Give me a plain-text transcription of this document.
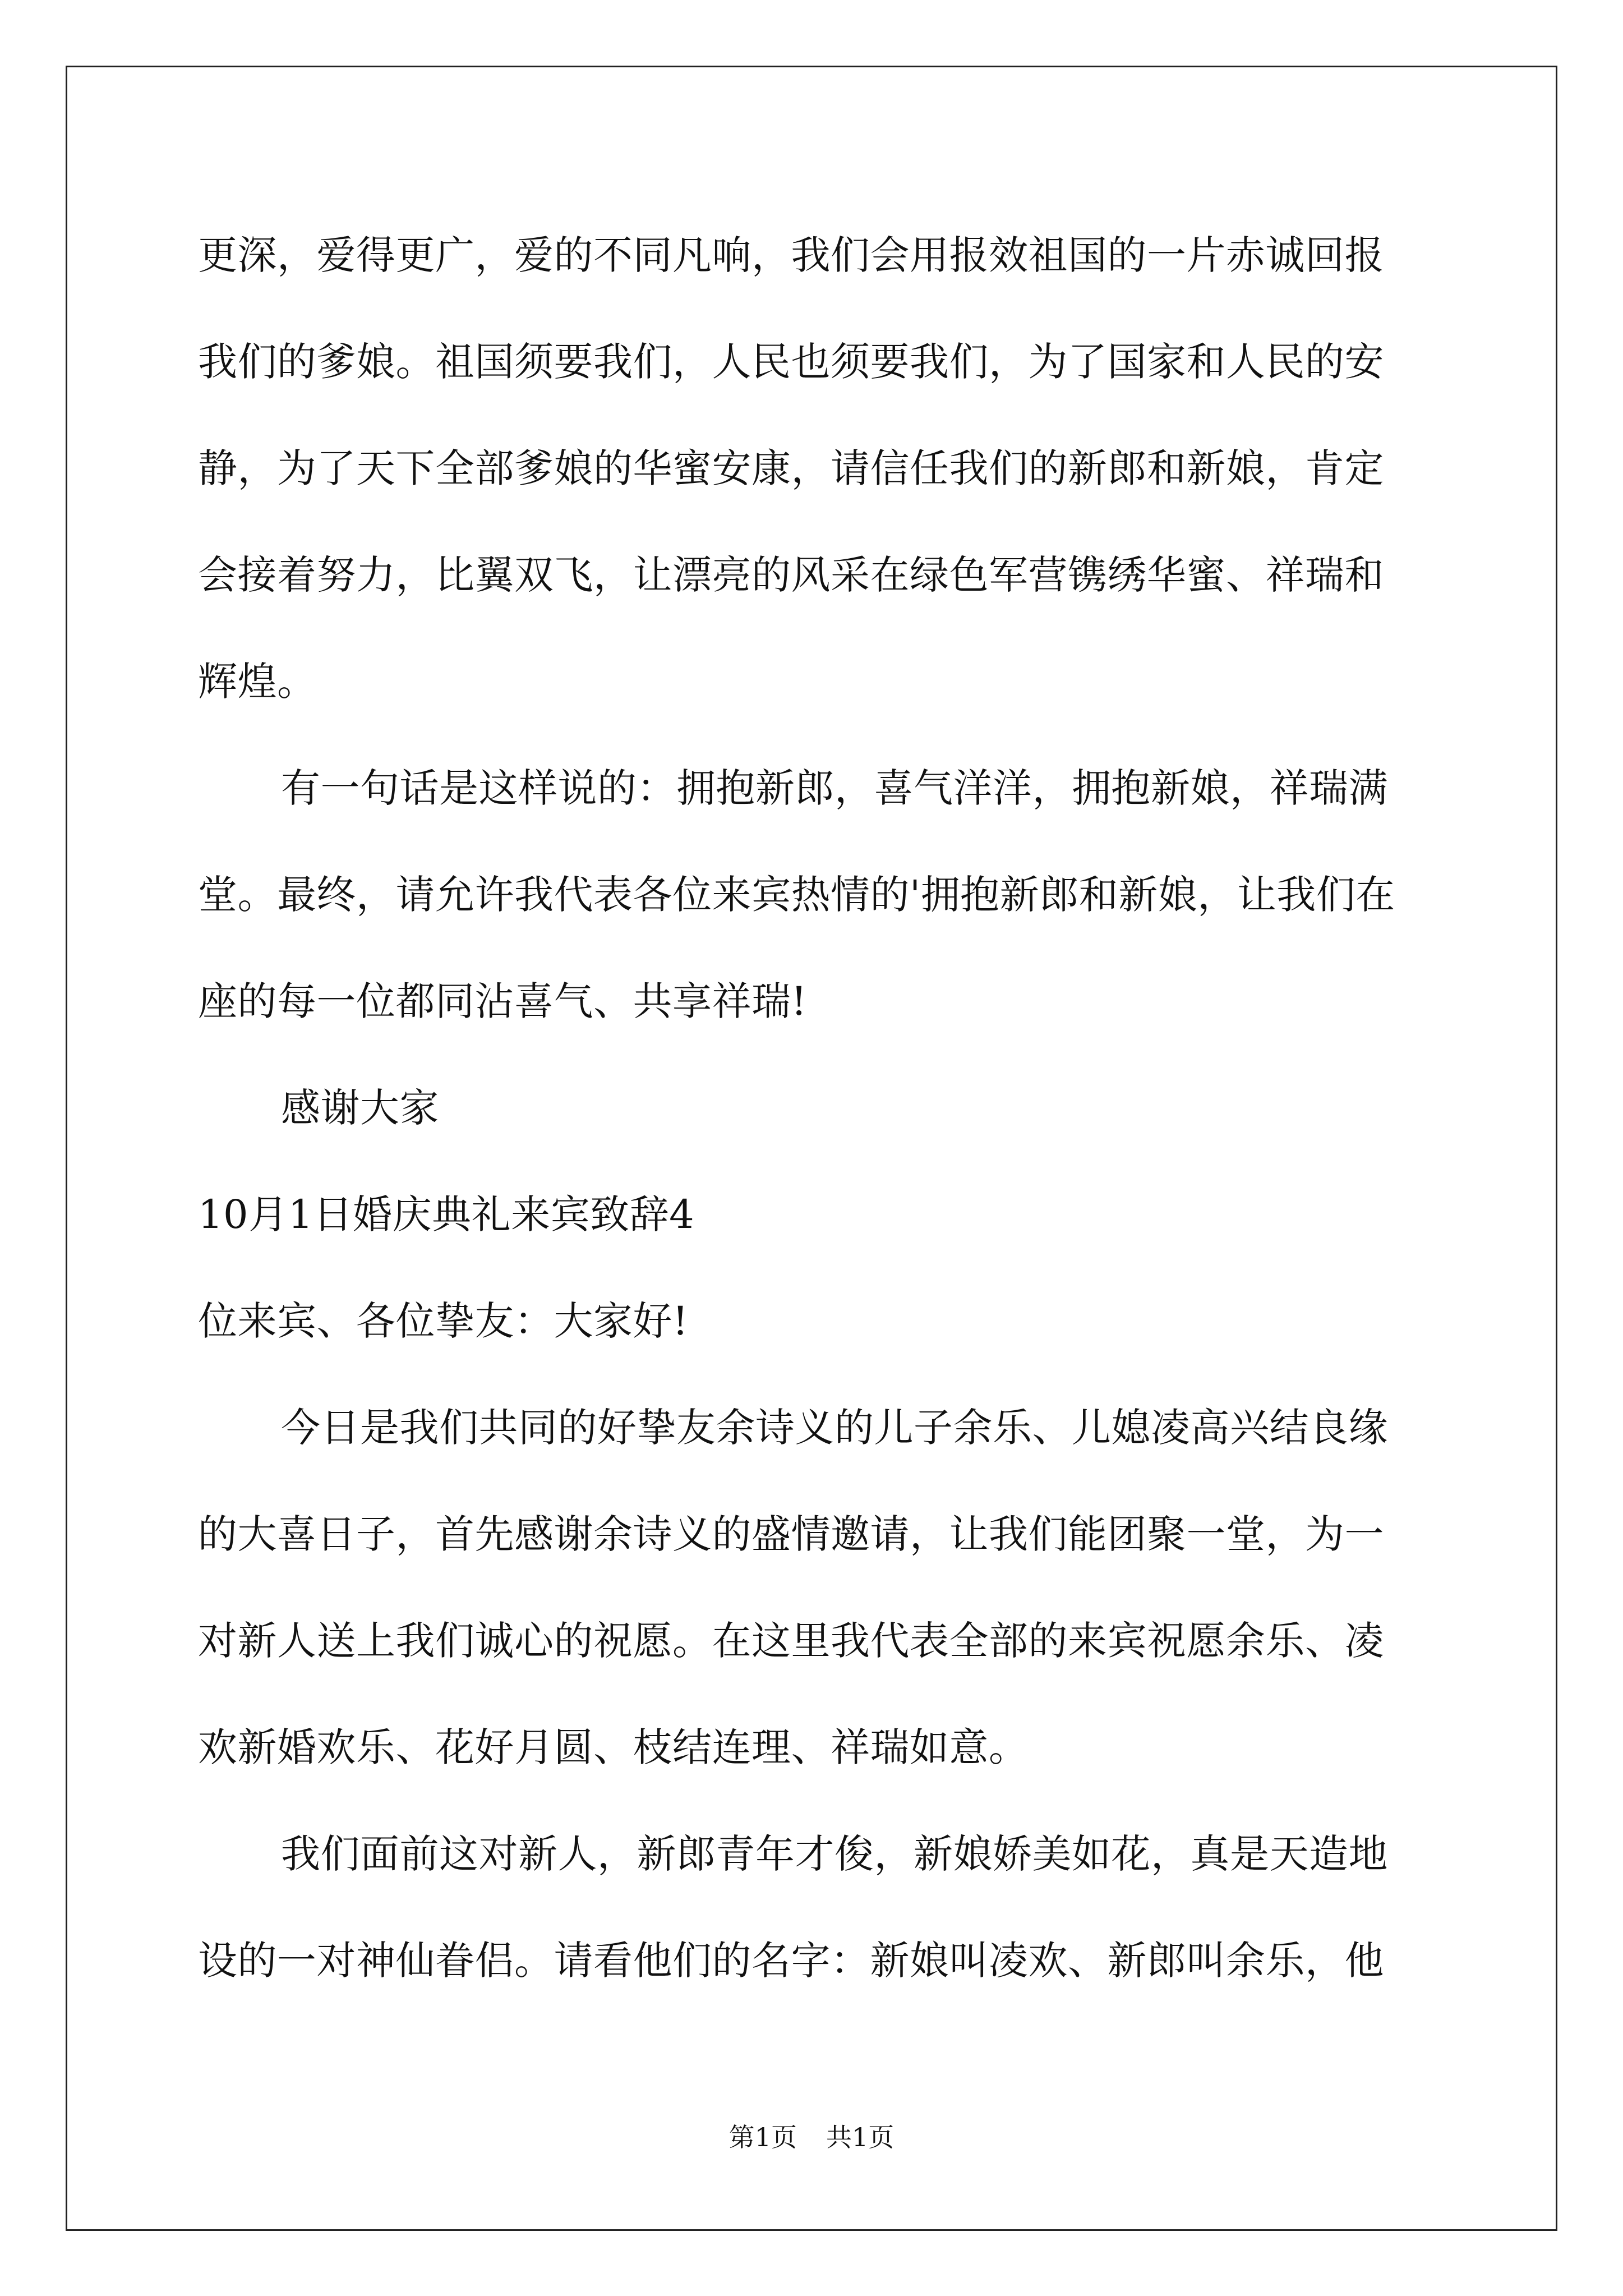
更深，爱得更广，爱的不同凡响，我们会用报效祖国的一片赤诚回报
我们的爹娘。祖国须要我们，人民也须要我们，为了国家和人民的安
静，为了天下全部爹娘的华蜜安康，请信任我们的新郎和新娘，肯定
会接着努力，比翼双飞，让漂亮的风采在绿色军营镌绣华蜜、祥瑞和
辉煌。
有一句话是这样说的：拥抱新郎，喜气洋洋，拥抱新娘，祥瑞满
堂。最终，请允许我代表各位来宾热情的'拥抱新郎和新娘，让我们在
座的每一位都同沾喜气、共享祥瑞!
感谢大家
10月1日婚庆典礼来宾致辞4
位来宾、各位挚友：大家好!
今日是我们共同的好挚友余诗义的儿子余乐、儿媳凌高兴结良缘
的大喜日子，首先感谢余诗义的盛情邀请，让我们能团聚一堂，为一
对新人送上我们诚心的祝愿。在这里我代表全部的来宾祝愿余乐、凌
欢新婚欢乐、花好月圆、枝结连理、祥瑞如意。
我们面前这对新人，新郎青年才俊，新娘娇美如花，真是天造地
设的一对神仙眷侣。请看他们的名字：新娘叫凌欢、新郎叫余乐，他
第1页 共1页
